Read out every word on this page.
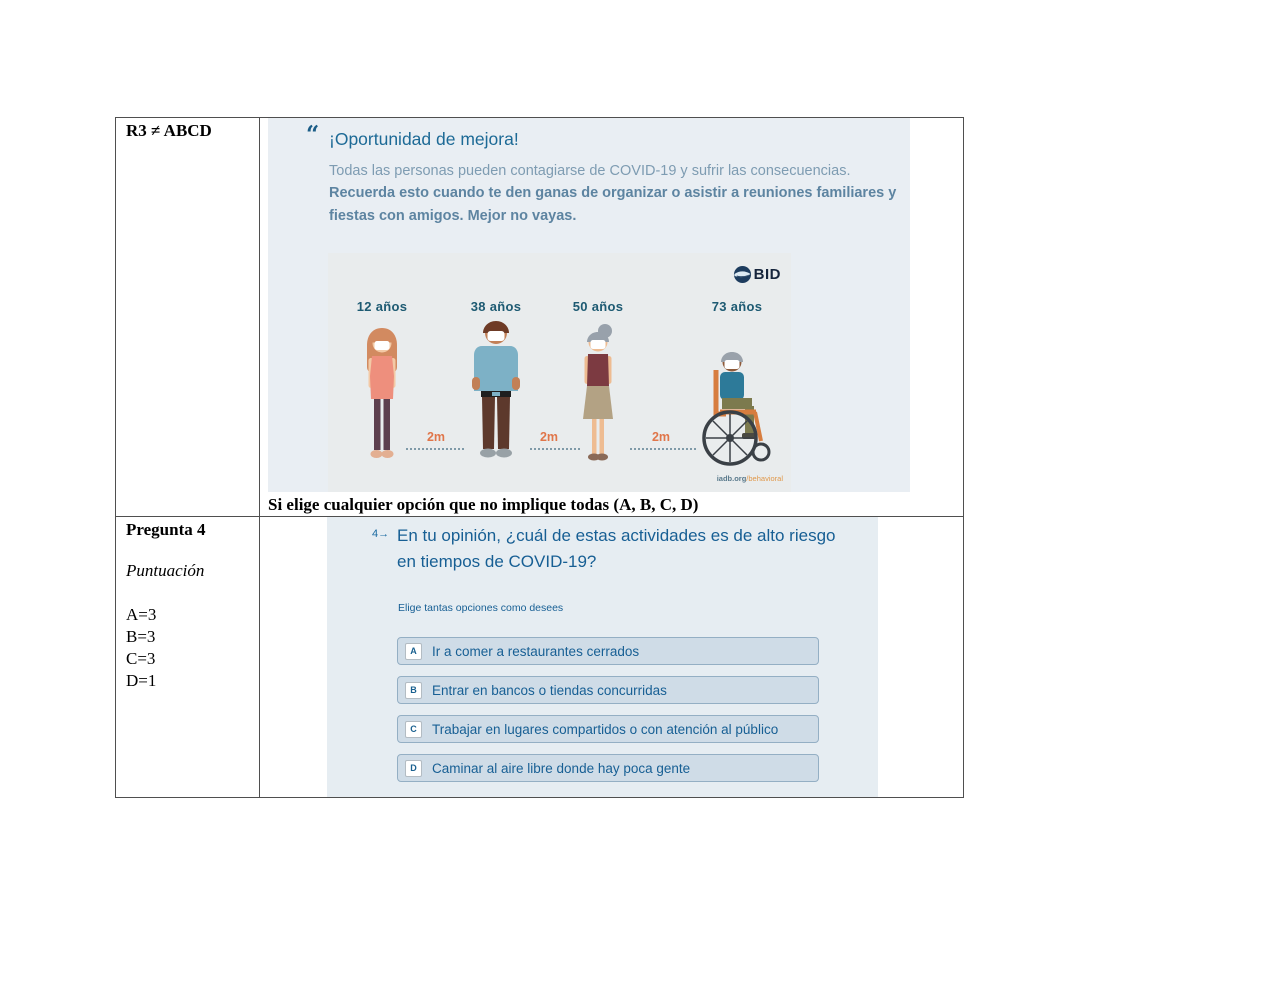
R3 ≠ ABCD	“ ¡Oportunidad de mejora!
Todas las personas pueden contagiarse de COVID-19 y sufrir las consecuencias. Recuerda esto cuando te den ganas de organizar o asistir a reuniones familiares y fiestas con amigos. Mejor no vayas.
BID
12 años	38 años	50 años	73 años
2m	2m	2m
iadb.org/behavioral
Si elige cualquier opción que no implique todas (A, B, C, D)
Pregunta 4
Puntuación
A=3
B=3
C=3
D=1
4→ En tu opinión, ¿cuál de estas actividades es de alto riesgo en tiempos de COVID-19?
Elige tantas opciones como desees
A	Ir a comer a restaurantes cerrados
B	Entrar en bancos o tiendas concurridas
C	Trabajar en lugares compartidos o con atención al público
D	Caminar al aire libre donde hay poca gente
